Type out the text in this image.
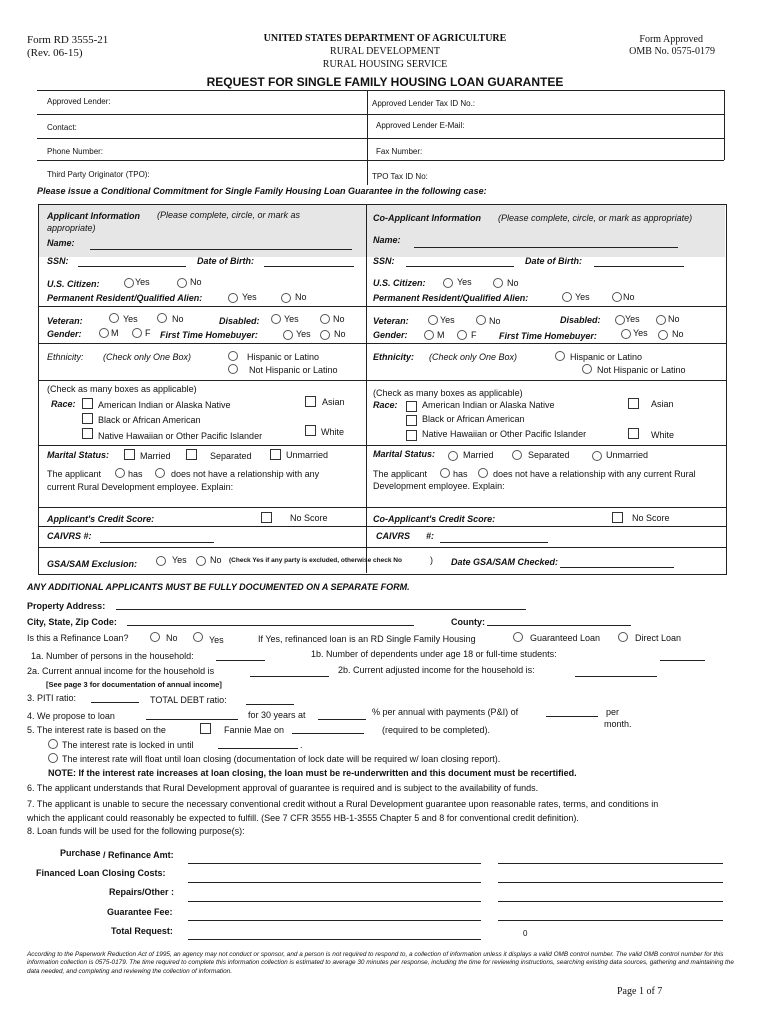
Form RD 3555-21
(Rev. 06-15)
UNITED STATES DEPARTMENT OF AGRICULTURE
RURAL DEVELOPMENT
RURAL HOUSING SERVICE
Form Approved
OMB No. 0575-0179
REQUEST FOR SINGLE FAMILY HOUSING LOAN GUARANTEE
Approved Lender:	Approved Lender Tax ID No.:
Contact:	Approved Lender E-Mail:
Phone Number:	Fax Number:
Third Party Originator (TPO):	TPO Tax ID No:
Please issue a Conditional Commitment for Single Family Housing Loan Guarantee in the following case:
Applicant Information (Please complete, circle, or mark as
appropriate)
Name:
SSN:	Date of Birth:
U.S. Citizen:	Yes	No
Permanent Resident/Qualified Alien:	Yes	No
Veteran:	Yes	No	Disabled:	Yes	No
Gender:	M	F First Time Homebuyer:	Yes	No
Ethnicity: (Check only One Box)	Hispanic or Latino
Not Hispanic or Latino
(Check as many boxes as applicable)
Race: American Indian or Alaska Native
Black or African American
Native Hawaiian or Other Pacific Islander
Asian
White
Marital Status:	Married	Separated	Unmarried
The applicant	has	does not have a relationship with any
current Rural Development employee. Explain:
Applicant's Credit Score:	No Score
CAIVRS #:
Co-Applicant Information (Please complete, circle, or mark as appropriate)
Name:
SSN:	Date of Birth:
U.S. Citizen:	Yes	No
Permanent Resident/Qualified Alien:	Yes	No
Veteran:	Yes	No	Disabled:	Yes	No
Gender:	M	F	First Time Homebuyer:	Yes	No
Ethnicity: (Check only One Box)	Hispanic or Latino
Not Hispanic or Latino
(Check as many boxes as applicable)
Race:	American Indian or Alaska Native
Black or African American
Native Hawaiian or Other Pacific Islander
Asian
White
Marital Status:	Married	Separated	Unmarried
The applicant	has	does not have a relationship with any current Rural
Development employee. Explain:
Co-Applicant's Credit Score:	No Score
CAIVRS #:
GSA/SAM Exclusion:	Yes	No (Check Yes if any party is excluded, otherwise check No	) Date GSA/SAM Checked:
ANY ADDITIONAL APPLICANTS MUST BE FULLY DOCUMENTED ON A SEPARATE FORM.
Property Address:
City, State, Zip Code:	County:
Is this a Refinance Loan?	No	Yes	If Yes, refinanced loan is an RD Single Family Housing	Guaranteed Loan	Direct Loan
1a. Number of persons in the household:	1b. Number of dependents under age 18 or full-time students:
2a. Current annual income for the household is	2b. Current adjusted income for the household is:
[See page 3 for documentation of annual income]
3. PITI ratio:	TOTAL DEBT ratio:
4. We propose to loan	for 30 years at	% per annual with payments (P&I) of	per
month.
5. The interest rate is based on the	Fannie Mae on	(required to be completed).
The interest rate is locked in until	.
The interest rate will float until loan closing (documentation of lock date will be required w/ loan closing report).
NOTE: If the interest rate increases at loan closing, the loan must be re-underwritten and this document must be recertified.
6. The applicant understands that Rural Development approval of guarantee is required and is subject to the availability of funds.
7. The applicant is unable to secure the necessary conventional credit without a Rural Development guarantee upon reasonable rates, terms, and conditions in
which the applicant could reasonably be expected to fulfill. (See 7 CFR 3555 HB-1-3555 Chapter 5 and 8 for conventional credit definition).
8. Loan funds will be used for the following purpose(s):
Purchase / Refinance Amt:
Financed Loan Closing Costs:
Repairs/Other :
Guarantee Fee:
Total Request:	0
According to the Paperwork Reduction Act of 1995, an agency may not conduct or sponsor, and a person is not required to respond to, a collection of information unless it displays a valid OMB control number. The valid OMB control number for this information collection is 0575-0179. The time required to complete this information collection is estimated to average 30 minutes per response, including the time for reviewing instructions, searching existing data sources, gathering and maintaining the data needed, and completing and reviewing the collection of information.
Page 1 of 7
